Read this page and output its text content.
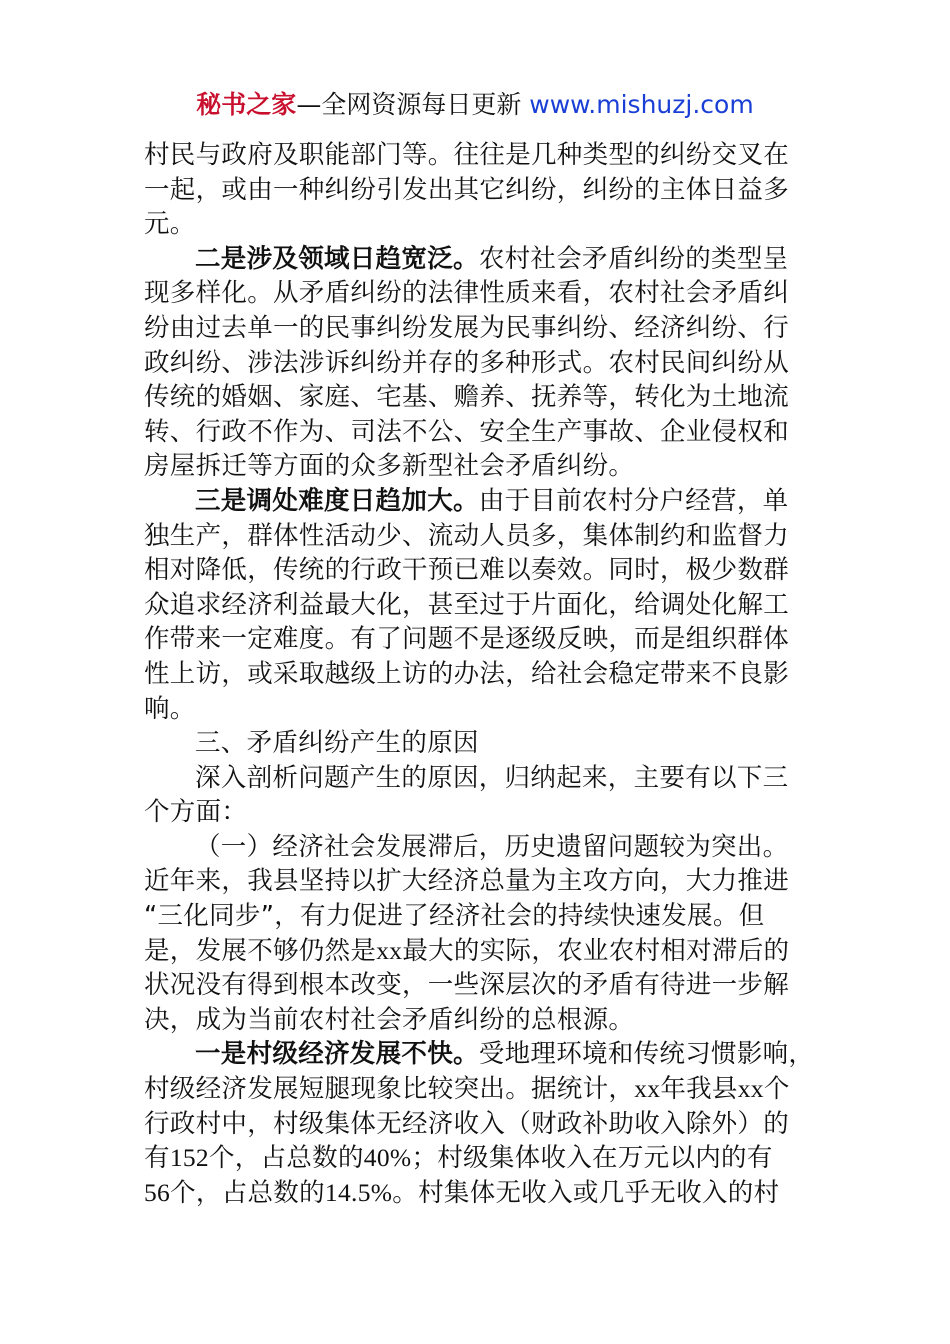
秘书之家—全网资源每日更新 www.mishuzj.com
村民与政府及职能部门等。往往是几种类型的纠纷交叉在
一起，或由一种纠纷引发出其它纠纷，纠纷的主体日益多
元。
二是涉及领域日趋宽泛。农村社会矛盾纠纷的类型呈
现多样化。从矛盾纠纷的法律性质来看，农村社会矛盾纠
纷由过去单一的民事纠纷发展为民事纠纷、经济纠纷、行
政纠纷、涉法涉诉纠纷并存的多种形式。农村民间纠纷从
传统的婚姻、家庭、宅基、赡养、抚养等，转化为土地流
转、行政不作为、司法不公、安全生产事故、企业侵权和
房屋拆迁等方面的众多新型社会矛盾纠纷。
三是调处难度日趋加大。由于目前农村分户经营，单
独生产，群体性活动少、流动人员多，集体制约和监督力
相对降低，传统的行政干预已难以奏效。同时，极少数群
众追求经济利益最大化，甚至过于片面化，给调处化解工
作带来一定难度。有了问题不是逐级反映，而是组织群体
性上访，或采取越级上访的办法，给社会稳定带来不良影
响。
三、矛盾纠纷产生的原因
深入剖析问题产生的原因，归纳起来，主要有以下三
个方面：
（一）经济社会发展滞后，历史遗留问题较为突出。
近年来，我县坚持以扩大经济总量为主攻方向，大力推进
“三化同步”，有力促进了经济社会的持续快速发展。但
是，发展不够仍然是xx最大的实际，农业农村相对滞后的
状况没有得到根本改变，一些深层次的矛盾有待进一步解
决，成为当前农村社会矛盾纠纷的总根源。
一是村级经济发展不快。受地理环境和传统习惯影响，
村级经济发展短腿现象比较突出。据统计，xx年我县xx个
行政村中，村级集体无经济收入（财政补助收入除外）的
有152个，占总数的40%；村级集体收入在万元以内的有
56个，占总数的14.5%。村集体无收入或几乎无收入的村
